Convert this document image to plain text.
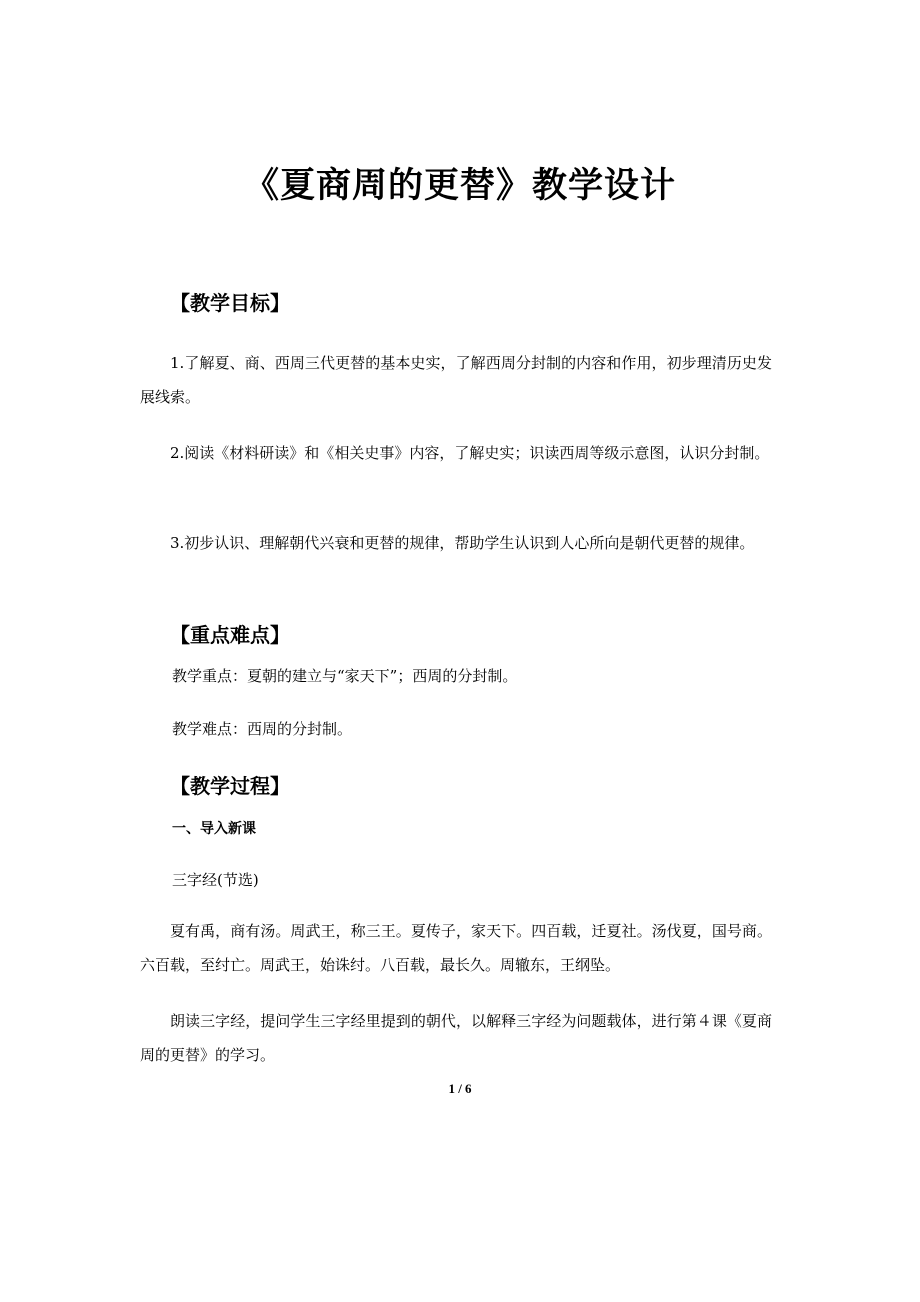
《夏商周的更替》教学设计
【教学目标】
1.了解夏、商、西周三代更替的基本史实，了解西周分封制的内容和作用，初步理清历史发展线索。
2.阅读《材料研读》和《相关史事》内容，了解史实；识读西周等级示意图，认识分封制。
3.初步认识、理解朝代兴衰和更替的规律，帮助学生认识到人心所向是朝代更替的规律。
【重点难点】
教学重点：夏朝的建立与“家天下”；西周的分封制。
教学难点：西周的分封制。
【教学过程】
一、导入新课
三字经(节选)
夏有禹，商有汤。周武王，称三王。夏传子，家天下。四百载，迁夏社。汤伐夏，国号商。六百载，至纣亡。周武王，始诛纣。八百载，最长久。周辙东，王纲坠。
朗读三字经，提问学生三字经里提到的朝代，以解释三字经为问题载体，进行第４课《夏商周的更替》的学习。
1 / 6
